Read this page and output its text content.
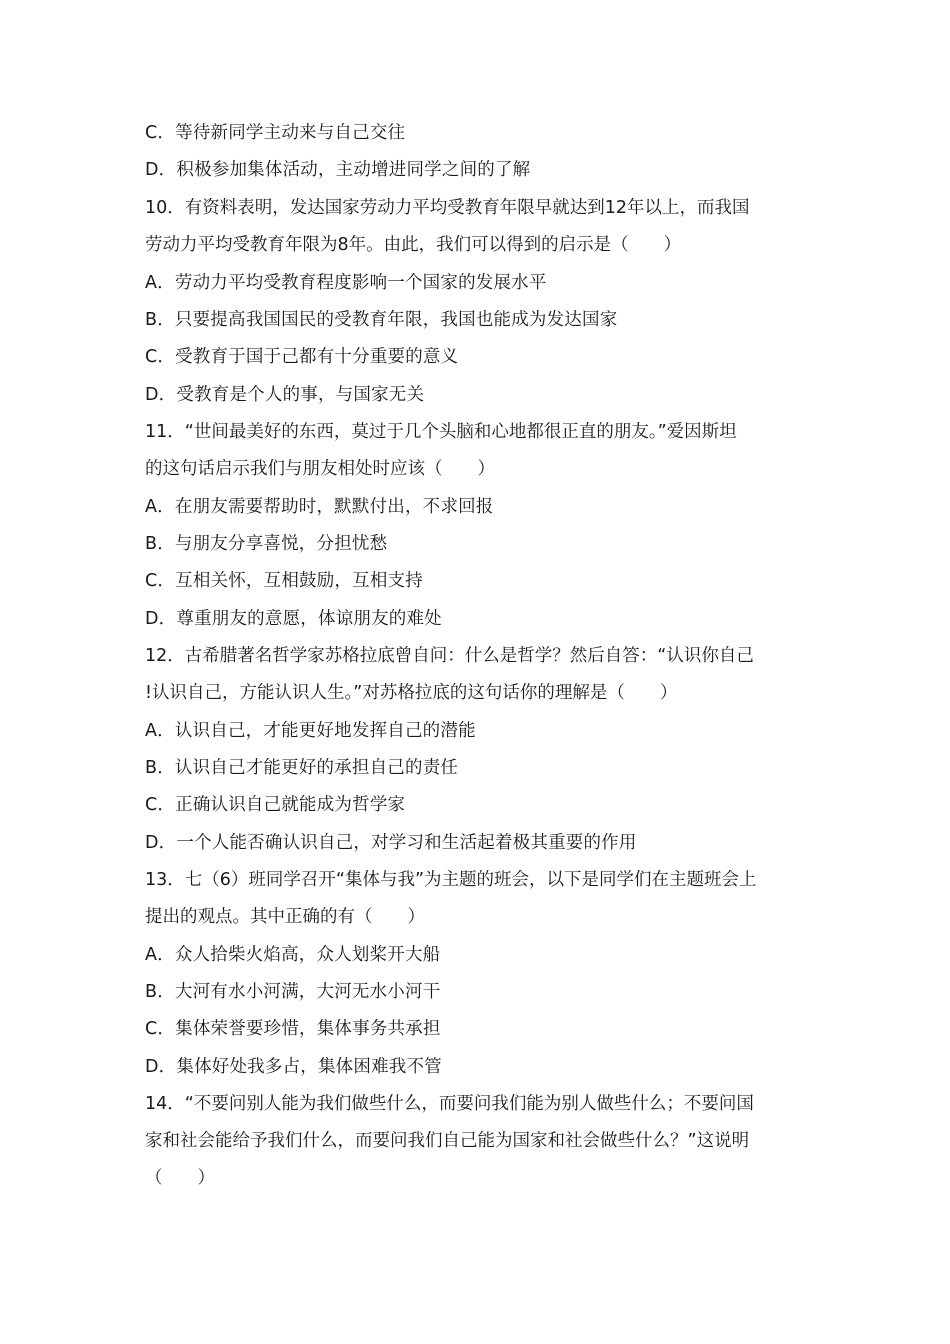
C．等待新同学主动来与自己交往
D．积极参加集体活动，主动增进同学之间的了解
10．有资料表明，发达国家劳动力平均受教育年限早就达到12年以上，而我国
劳动力平均受教育年限为8年。由此，我们可以得到的启示是（　　）
A．劳动力平均受教育程度影响一个国家的发展水平
B．只要提高我国国民的受教育年限，我国也能成为发达国家
C．受教育于国于己都有十分重要的意义
D．受教育是个人的事，与国家无关
11．“世间最美好的东西，莫过于几个头脑和心地都很正直的朋友。”爱因斯坦
的这句话启示我们与朋友相处时应该（　　）
A．在朋友需要帮助时，默默付出，不求回报
B．与朋友分享喜悦，分担忧愁
C．互相关怀，互相鼓励，互相支持
D．尊重朋友的意愿，体谅朋友的难处
12．古希腊著名哲学家苏格拉底曾自问：什么是哲学？然后自答：“认识你自己
!认识自己，方能认识人生。”对苏格拉底的这句话你的理解是（　　）
A．认识自己，才能更好地发挥自己的潜能
B．认识自己才能更好的承担自己的责任
C．正确认识自己就能成为哲学家
D．一个人能否确认识自己，对学习和生活起着极其重要的作用
13．七（6）班同学召开“集体与我”为主题的班会，以下是同学们在主题班会上
提出的观点。其中正确的有（　　）
A．众人拾柴火焰高，众人划桨开大船
B．大河有水小河满，大河无水小河干
C．集体荣誉要珍惜，集体事务共承担
D．集体好处我多占，集体困难我不管
14．“不要问别人能为我们做些什么，而要问我们能为别人做些什么；不要问国
家和社会能给予我们什么，而要问我们自己能为国家和社会做些什么？”这说明
（　　）
